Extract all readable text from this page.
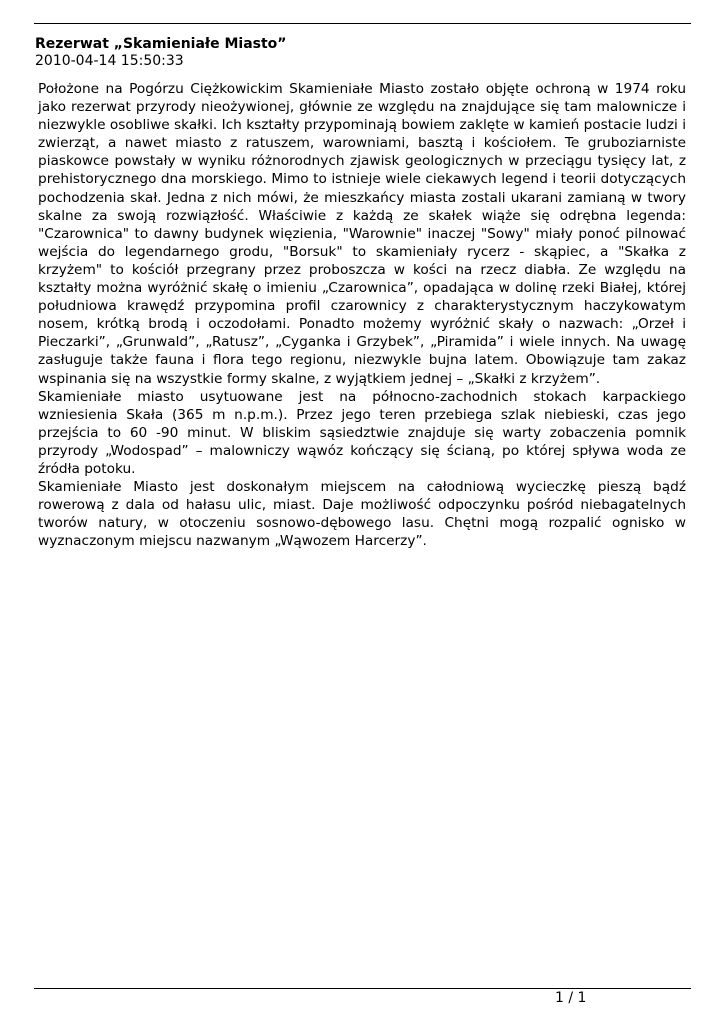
Rezerwat „Skamieniałe Miasto”

2010-04-14 15:50:33

Położone na Pogórzu Ciężkowickim Skamieniałe Miasto zostało objęte ochroną w 1974 roku jako rezerwat przyrody nieożywionej, głównie ze względu na znajdujące się tam malownicze i niezwykle osobliwe skałki. Ich kształty przypominają bowiem zaklęte w kamień postacie ludzi i zwierząt, a nawet miasto z ratuszem, warowniami, basztą i kościołem. Te gruboziarniste piaskowce powstały w wyniku różnorodnych zjawisk geologicznych w przeciągu tysięcy lat, z prehistorycznego dna morskiego. Mimo to istnieje wiele ciekawych legend i teorii dotyczących pochodzenia skał. Jedna z nich mówi, że mieszkańcy miasta zostali ukarani zamianą w twory skalne za swoją rozwiązłość. Właściwie z każdą ze skałek wiąże się odrębna legenda: "Czarownica" to dawny budynek więzienia, "Warownie" inaczej "Sowy" miały ponoć pilnować wejścia do legendarnego grodu, "Borsuk" to skamieniały rycerz - skąpiec, a "Skałka z krzyżem" to kościół przegrany przez proboszcza w kości na rzecz diabła. Ze względu na kształty można wyróżnić skałę o imieniu „Czarownica”, opadająca w dolinę rzeki Białej, której południowa krawędź przypomina profil czarownicy z charakterystycznym haczykowatym nosem, krótką brodą i oczodołami. Ponadto możemy wyróżnić skały o nazwach: „Orzeł i Pieczarki”, „Grunwald”, „Ratusz”, „Cyganka i Grzybek”, „Piramida” i wiele innych. Na uwagę zasługuje także fauna i flora tego regionu, niezwykle bujna latem. Obowiązuje tam zakaz wspinania się na wszystkie formy skalne, z wyjątkiem jednej – „Skałki z krzyżem”.

Skamieniałe miasto usytuowane jest na północno-zachodnich stokach karpackiego wzniesienia Skała (365 m n.p.m.). Przez jego teren przebiega szlak niebieski, czas jego przejścia to 60 -90 minut. W bliskim sąsiedztwie znajduje się warty zobaczenia pomnik przyrody „Wodospad” – malowniczy wąwóz kończący się ścianą, po której spływa woda ze źródła potoku.

Skamieniałe Miasto jest doskonałym miejscem na całodniową wycieczkę pieszą bądź rowerową z dala od hałasu ulic, miast. Daje możliwość odpoczynku pośród niebagatelnych tworów natury, w otoczeniu sosnowo-dębowego lasu. Chętni mogą rozpalić ognisko w wyznaczonym miejscu nazwanym „Wąwozem Harcerzy”.

1 / 1
